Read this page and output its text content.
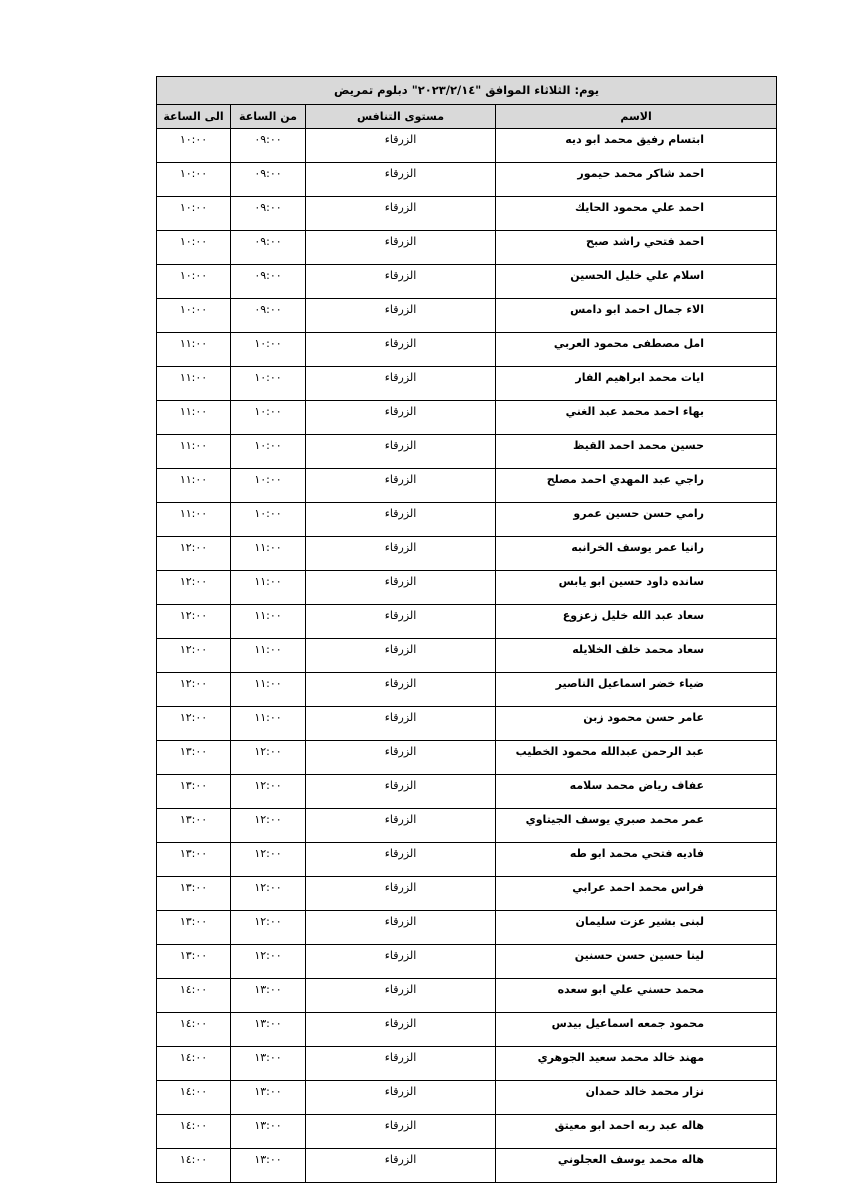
يوم: الثلاثاء الموافق "٢٠٢٣/٢/١٤" دبلوم تمريض			
الاسم	مستوى التنافس	من الساعة	الى الساعة
ابتسام رفيق محمد ابو ديه	الزرقاء	٠٩:٠٠	١٠:٠٠
احمد شاكر محمد حيمور	الزرقاء	٠٩:٠٠	١٠:٠٠
احمد علي محمود الحايك	الزرقاء	٠٩:٠٠	١٠:٠٠
احمد فتحي راشد صبح	الزرقاء	٠٩:٠٠	١٠:٠٠
اسلام علي خليل الحسين	الزرقاء	٠٩:٠٠	١٠:٠٠
الاء جمال احمد ابو دامس	الزرقاء	٠٩:٠٠	١٠:٠٠
امل مصطفى محمود العربي	الزرقاء	١٠:٠٠	١١:٠٠
ايات محمد ابراهيم الفار	الزرقاء	١٠:٠٠	١١:٠٠
بهاء احمد محمد عبد الغني	الزرقاء	١٠:٠٠	١١:٠٠
حسين محمد احمد القيظ	الزرقاء	١٠:٠٠	١١:٠٠
راجي عبد المهدي احمد مصلح	الزرقاء	١٠:٠٠	١١:٠٠
رامي حسن حسين عمرو	الزرقاء	١٠:٠٠	١١:٠٠
رانيا عمر يوسف الخرانبه	الزرقاء	١١:٠٠	١٢:٠٠
سانده داود حسين ابو يابس	الزرقاء	١١:٠٠	١٢:٠٠
سعاد عبد الله خليل زعزوع	الزرقاء	١١:٠٠	١٢:٠٠
سعاد محمد خلف الخلايله	الزرقاء	١١:٠٠	١٢:٠٠
ضياء خضر اسماعيل الناصير	الزرقاء	١١:٠٠	١٢:٠٠
عامر حسن محمود زبن	الزرقاء	١١:٠٠	١٢:٠٠
عبد الرحمن عبدالله محمود الخطيب	الزرقاء	١٢:٠٠	١٣:٠٠
عفاف رياض محمد سلامه	الزرقاء	١٢:٠٠	١٣:٠٠
عمر محمد صبري يوسف الجيتاوي	الزرقاء	١٢:٠٠	١٣:٠٠
فاديه فتحي محمد ابو طه	الزرقاء	١٢:٠٠	١٣:٠٠
فراس محمد احمد عرابي	الزرقاء	١٢:٠٠	١٣:٠٠
لبنى بشير عزت سليمان	الزرقاء	١٢:٠٠	١٣:٠٠
لينا حسين حسن حسنين	الزرقاء	١٢:٠٠	١٣:٠٠
محمد حسني علي ابو سعده	الزرقاء	١٣:٠٠	١٤:٠٠
محمود جمعه اسماعيل بيدس	الزرقاء	١٣:٠٠	١٤:٠٠
مهند خالد محمد سعيد الجوهري	الزرقاء	١٣:٠٠	١٤:٠٠
نزار محمد خالد حمدان	الزرقاء	١٣:٠٠	١٤:٠٠
هاله عبد ربه احمد ابو معيتق	الزرقاء	١٣:٠٠	١٤:٠٠
هاله محمد يوسف العجلوني	الزرقاء	١٣:٠٠	١٤:٠٠
